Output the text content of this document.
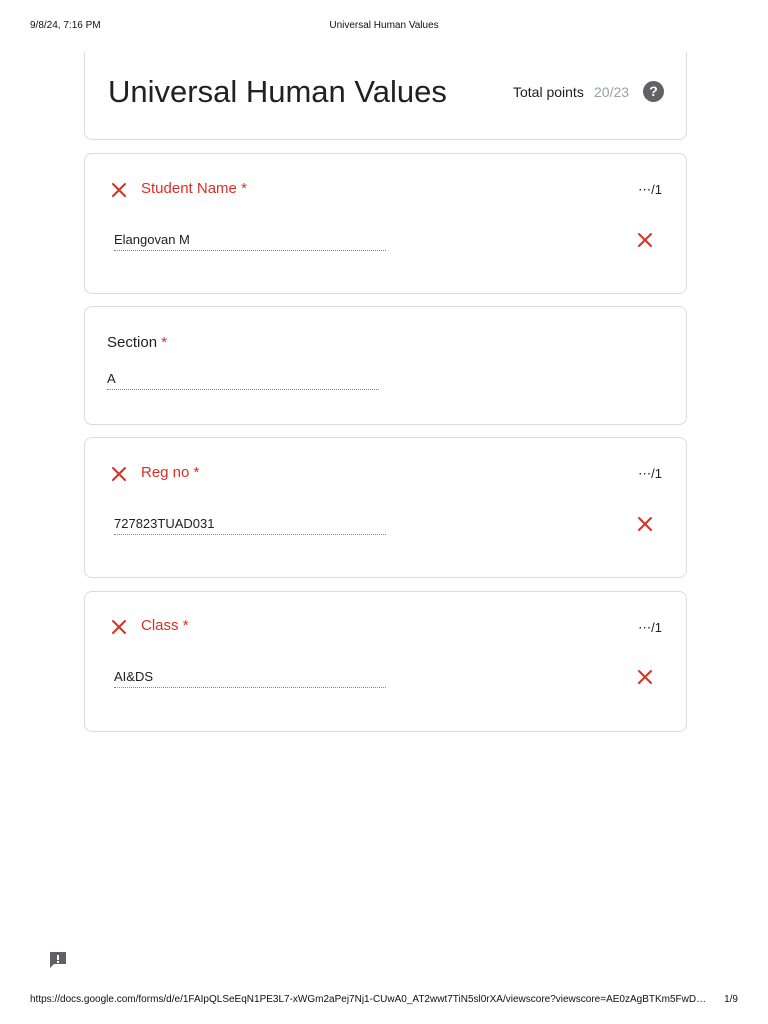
9/8/24, 7:16 PM	Universal Human Values
Universal Human Values	Total points 20/23	?
Student Name *	⋯/1
Elangovan M
Section *
A
Reg no *	⋯/1
727823TUAD031
Class *	⋯/1
AI&DS
https://docs.google.com/forms/d/e/1FAIpQLSeEqN1PE3L7-xWGm2aPej7Nj1-CUwA0_AT2wwt7TiN5sl0rXA/viewscore?viewscore=AE0zAgBTKm5FwD…	1/9
